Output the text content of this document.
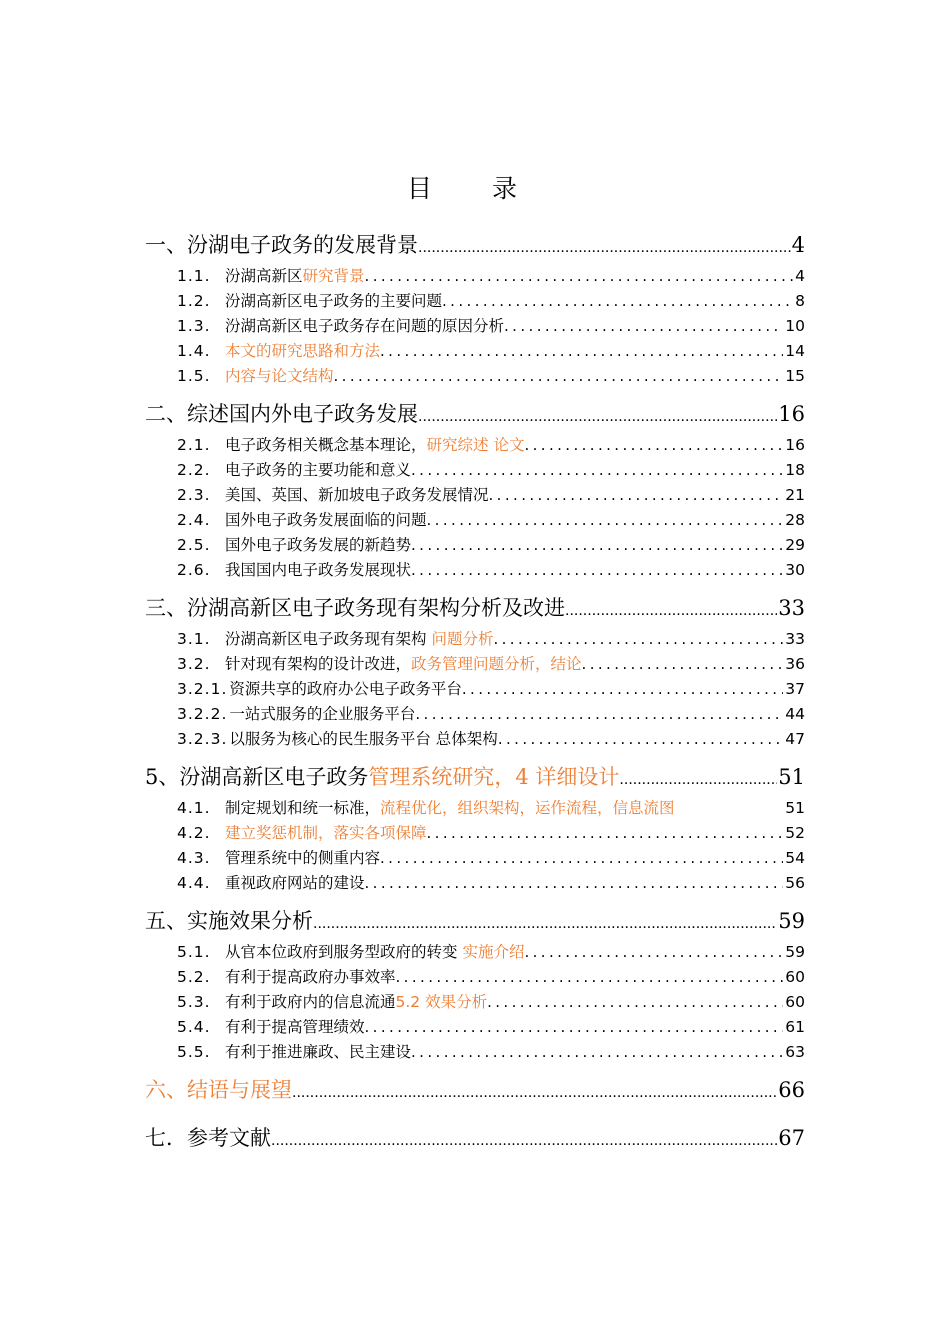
目 录
一、汾湖电子政务的发展背景 .....	4
1.1. 汾湖高新区研究背景 .....	4
1.2. 汾湖高新区电子政务的主要问题 .....	8
1.3. 汾湖高新区电子政务存在问题的原因分析 .....	10
1.4. 本文的研究思路和方法 .....	14
1.5. 内容与论文结构 .....	15
二、综述国内外电子政务发展 .....	16
2.1. 电子政务相关概念基本理论，研究综述 论文 .....	16
2.2. 电子政务的主要功能和意义 .....	18
2.3. 美国、英国、新加坡电子政务发展情况 .....	21
2.4. 国外电子政务发展面临的问题 .....	28
2.5. 国外电子政务发展的新趋势 .....	29
2.6. 我国国内电子政务发展现状 .....	30
三、汾湖高新区电子政务现有架构分析及改进 .....	33
3.1. 汾湖高新区电子政务现有架构 问题分析 .....	33
3.2. 针对现有架构的设计改进，政务管理问题分析，结论 .....	36
3.2.1. 资源共享的政府办公电子政务平台 .....	37
3.2.2. 一站式服务的企业服务平台 .....	44
3.2.3. 以服务为核心的民生服务平台 总体架构 .....	47
5、汾湖高新区电子政务管理系统研究，4 详细设计 .....	51
4.1. 制定规划和统一标准，流程优化，组织架构，运作流程，信息流图	51
4.2. 建立奖惩机制，落实各项保障 .....	52
4.3. 管理系统中的侧重内容 .....	54
4.4. 重视政府网站的建设 .....	56
五、实施效果分析 .....	59
5.1. 从官本位政府到服务型政府的转变 实施介绍 .....	59
5.2. 有利于提高政府办事效率 .....	60
5.3. 有利于政府内的信息流通5.2 效果分析 .....	60
5.4. 有利于提高管理绩效 .....	61
5.5. 有利于推进廉政、民主建设 .....	63
六、结语与展望 .....	66
七．参考文献 .....	67
